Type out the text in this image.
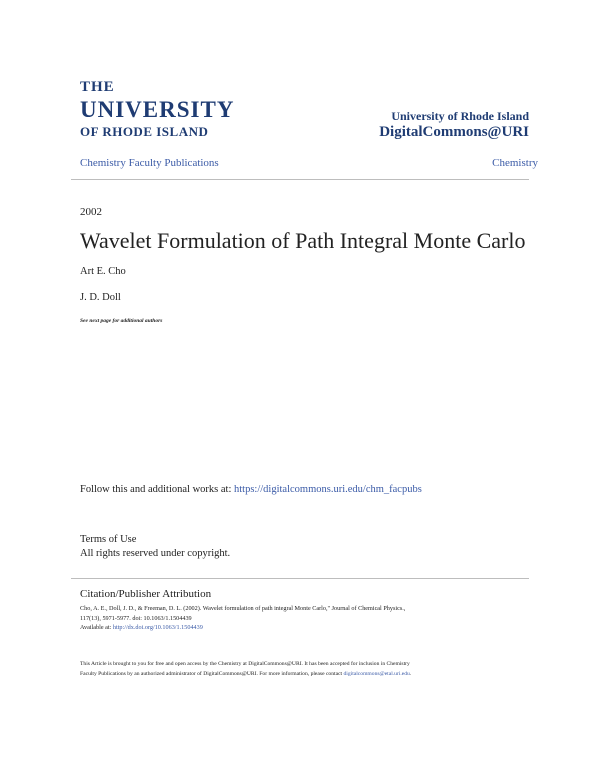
THE
UNIVERSITY
OF RHODE ISLAND
University of Rhode Island
DigitalCommons@URI
Chemistry Faculty Publications	Chemistry
2002
Wavelet Formulation of Path Integral Monte Carlo
Art E. Cho
J. D. Doll
See next page for additional authors
Follow this and additional works at: https://digitalcommons.uri.edu/chm_facpubs
Terms of Use
All rights reserved under copyright.
Citation/Publisher Attribution
Cho, A. E., Doll, J. D., & Freeman, D. L. (2002). Wavelet formulation of path integral Monte Carlo," Journal of Chemical Physics.,
117(13), 5971-5977. doi: 10.1063/1.1504439
Available at: http://dx.doi.org/10.1063/1.1504439
This Article is brought to you for free and open access by the Chemistry at DigitalCommons@URI. It has been accepted for inclusion in Chemistry
Faculty Publications by an authorized administrator of DigitalCommons@URI. For more information, please contact digitalcommons@etal.uri.edu.
